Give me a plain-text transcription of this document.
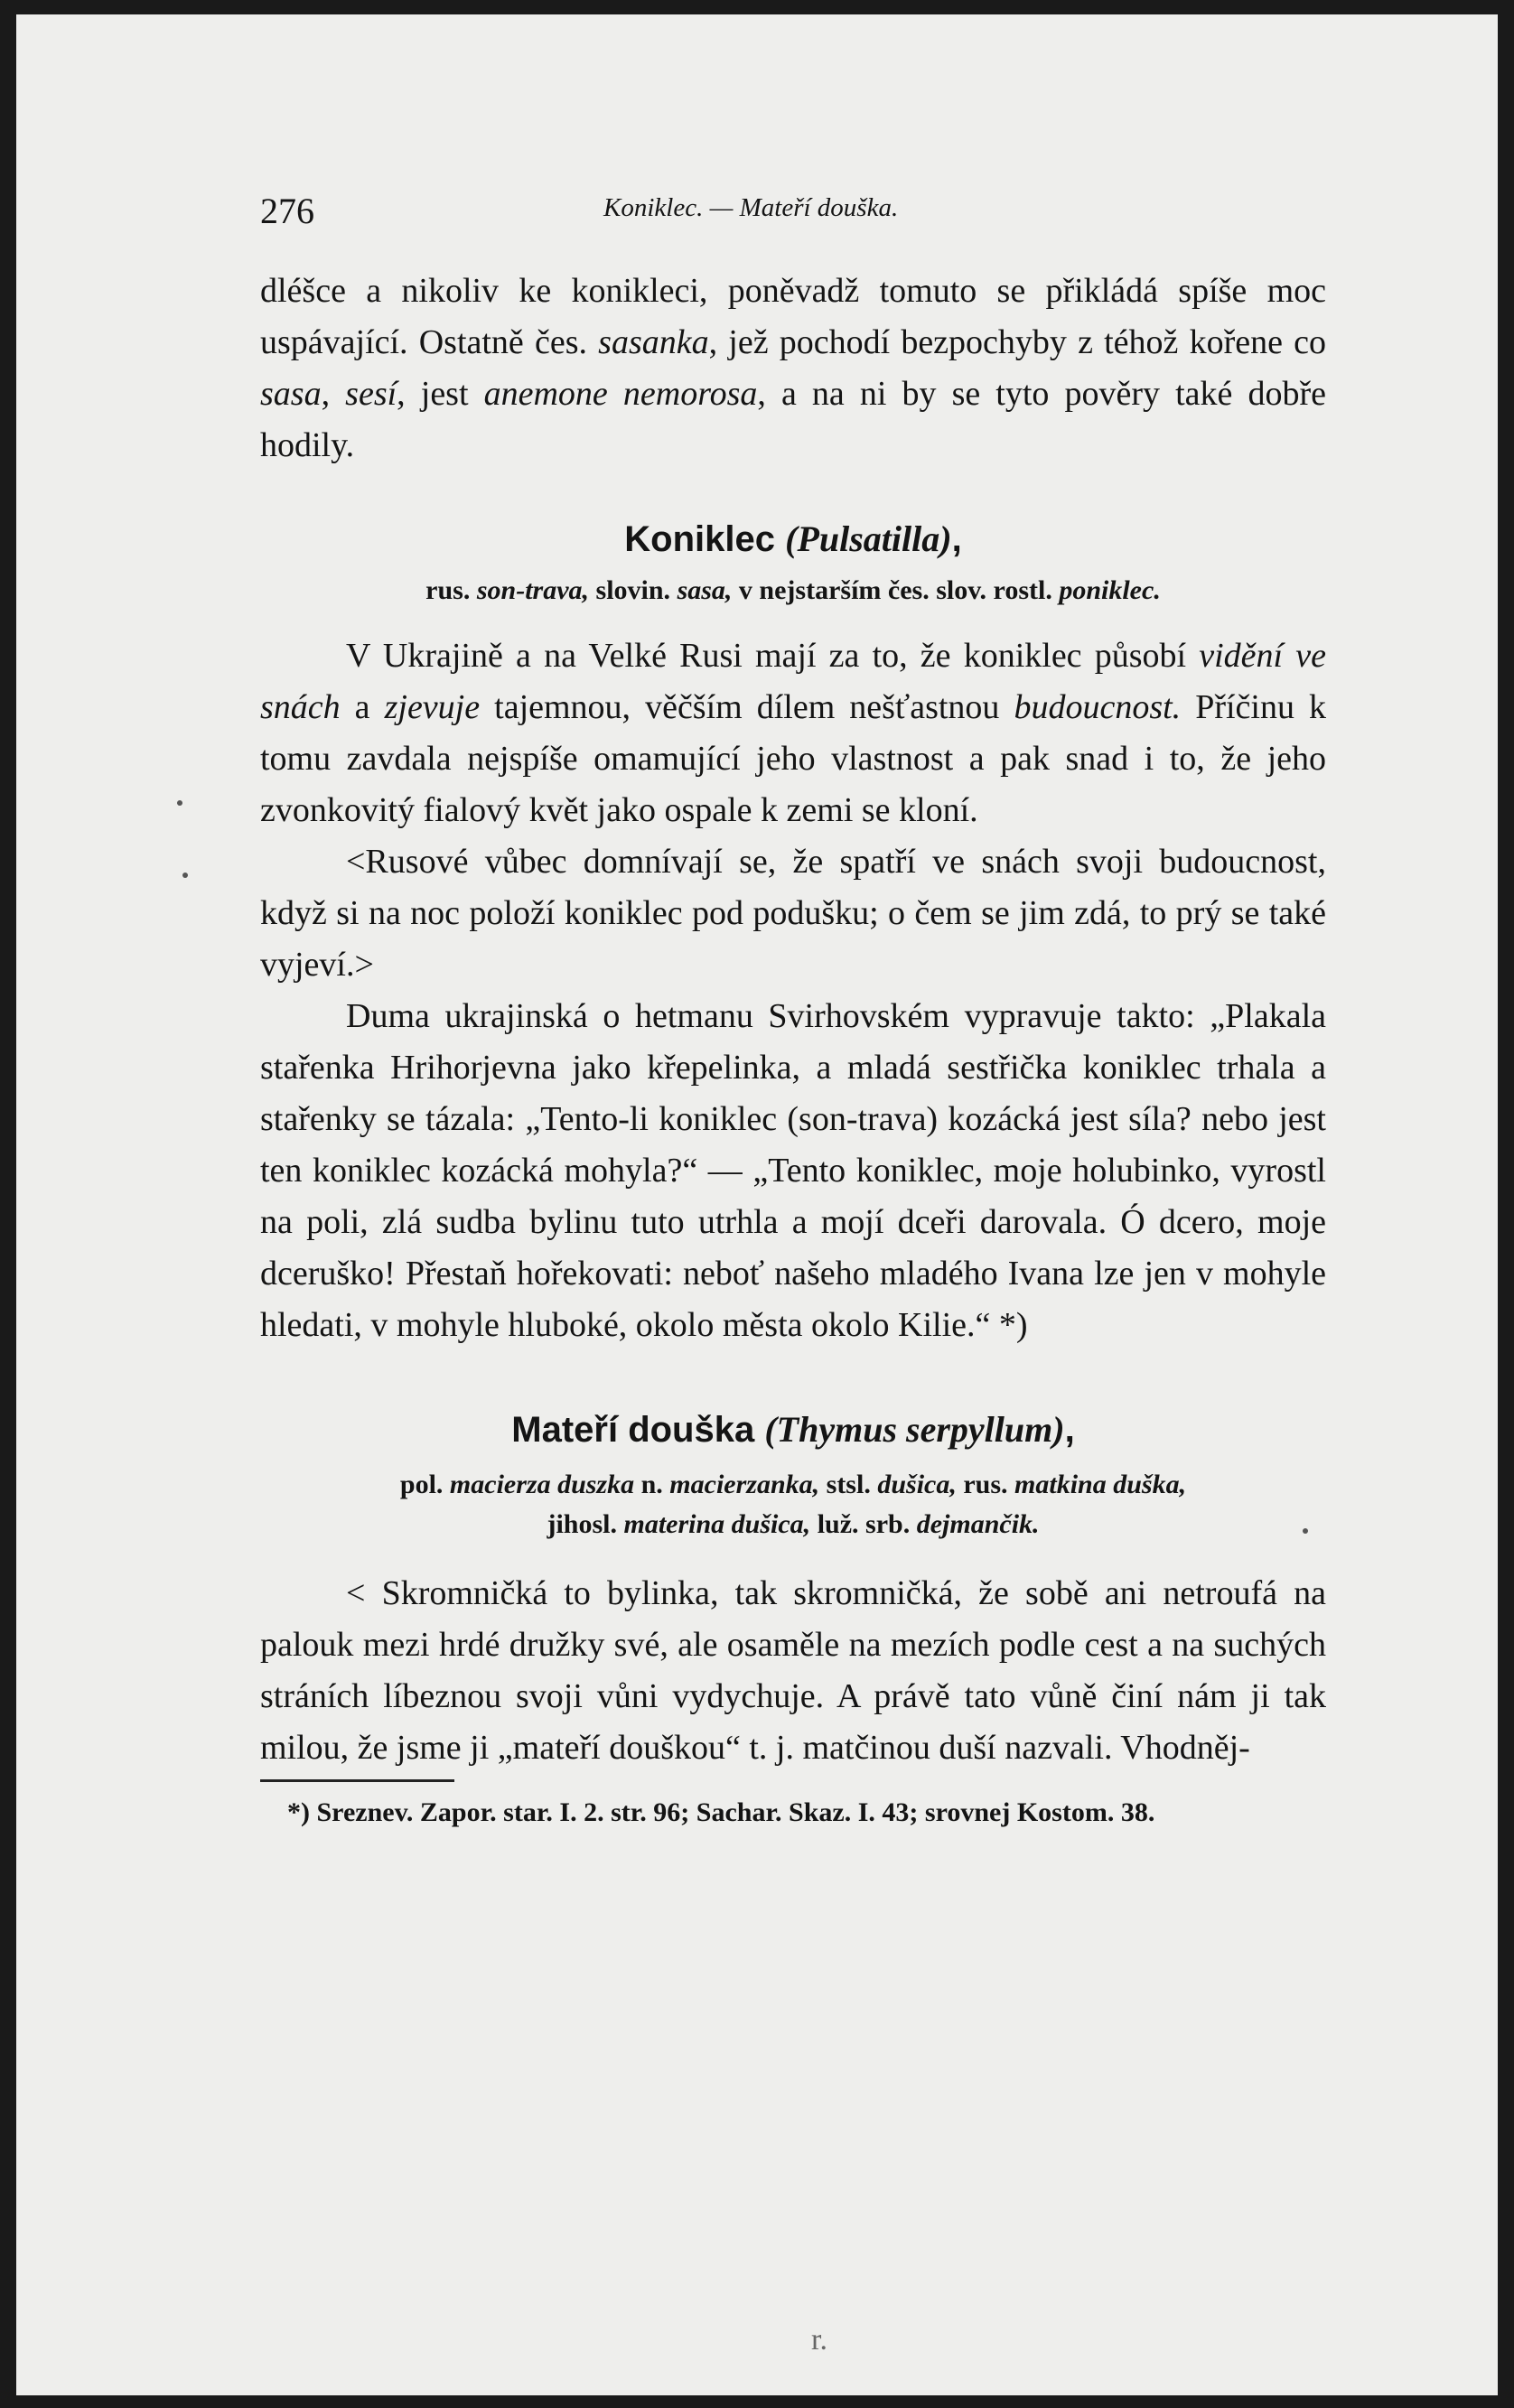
276	Koniklec. — Mateří douška.

dléšce a nikoliv ke konikleci, poněvadž tomuto se přikládá spíše moc uspávající. Ostatně čes. sasanka, jež pochodí bezpochyby z téhož kořene co sasa, sesí, jest anemone nemorosa, a na ni by se tyto pověry také dobře hodily.

Koniklec (Pulsatilla),

rus. son-trava, slovin. sasa, v nejstarším čes. slov. rostl. poniklec.

V Ukrajině a na Velké Rusi mají za to, že koniklec působí vidění ve snách a zjevuje tajemnou, věčším dílem nešťastnou budoucnost. Příčinu k tomu zavdala nejspíše omamující jeho vlastnost a pak snad i to, že jeho zvonkovitý fialový květ jako ospale k zemi se kloní.

<Rusové vůbec domnívají se, že spatří ve snách svoji budoucnost, když si na noc položí koniklec pod podušku; o čem se jim zdá, to prý se také vyjeví.>

Duma ukrajinská o hetmanu Svirhovském vypravuje takto: „Plakala stařenka Hrihorjevna jako křepelinka, a mladá sestřička koniklec trhala a stařenky se tázala: „Tento-li koniklec (son-trava) kozácká jest síla? nebo jest ten koniklec kozácká mohyla?“ — „Tento koniklec, moje holubinko, vyrostl na poli, zlá sudba bylinu tuto utrhla a mojí dceři darovala. Ó dcero, moje dceruško! Přestaň hořekovati: neboť našeho mladého Ivana lze jen v mohyle hledati, v mohyle hluboké, okolo města okolo Kilie.“ *)

Mateří douška (Thymus serpyllum),

pol. macierza duszka n. macierzanka, stsl. dušica, rus. matkina duška,

jihosl. materina dušica, luž. srb. dejmančik.

< Skromničká to bylinka, tak skromničká, že sobě ani netroufá na palouk mezi hrdé družky své, ale osaměle na mezích podle cest a na suchých stráních líbeznou svoji vůni vydychuje. A právě tato vůně činí nám ji tak milou, že jsme ji „mateří douškou“ t. j. matčinou duší nazvali. Vhodněj-

*) Sreznev. Zapor. star. I. 2. str. 96; Sachar. Skaz. I. 43; srovnej Kostom. 38.

r.
